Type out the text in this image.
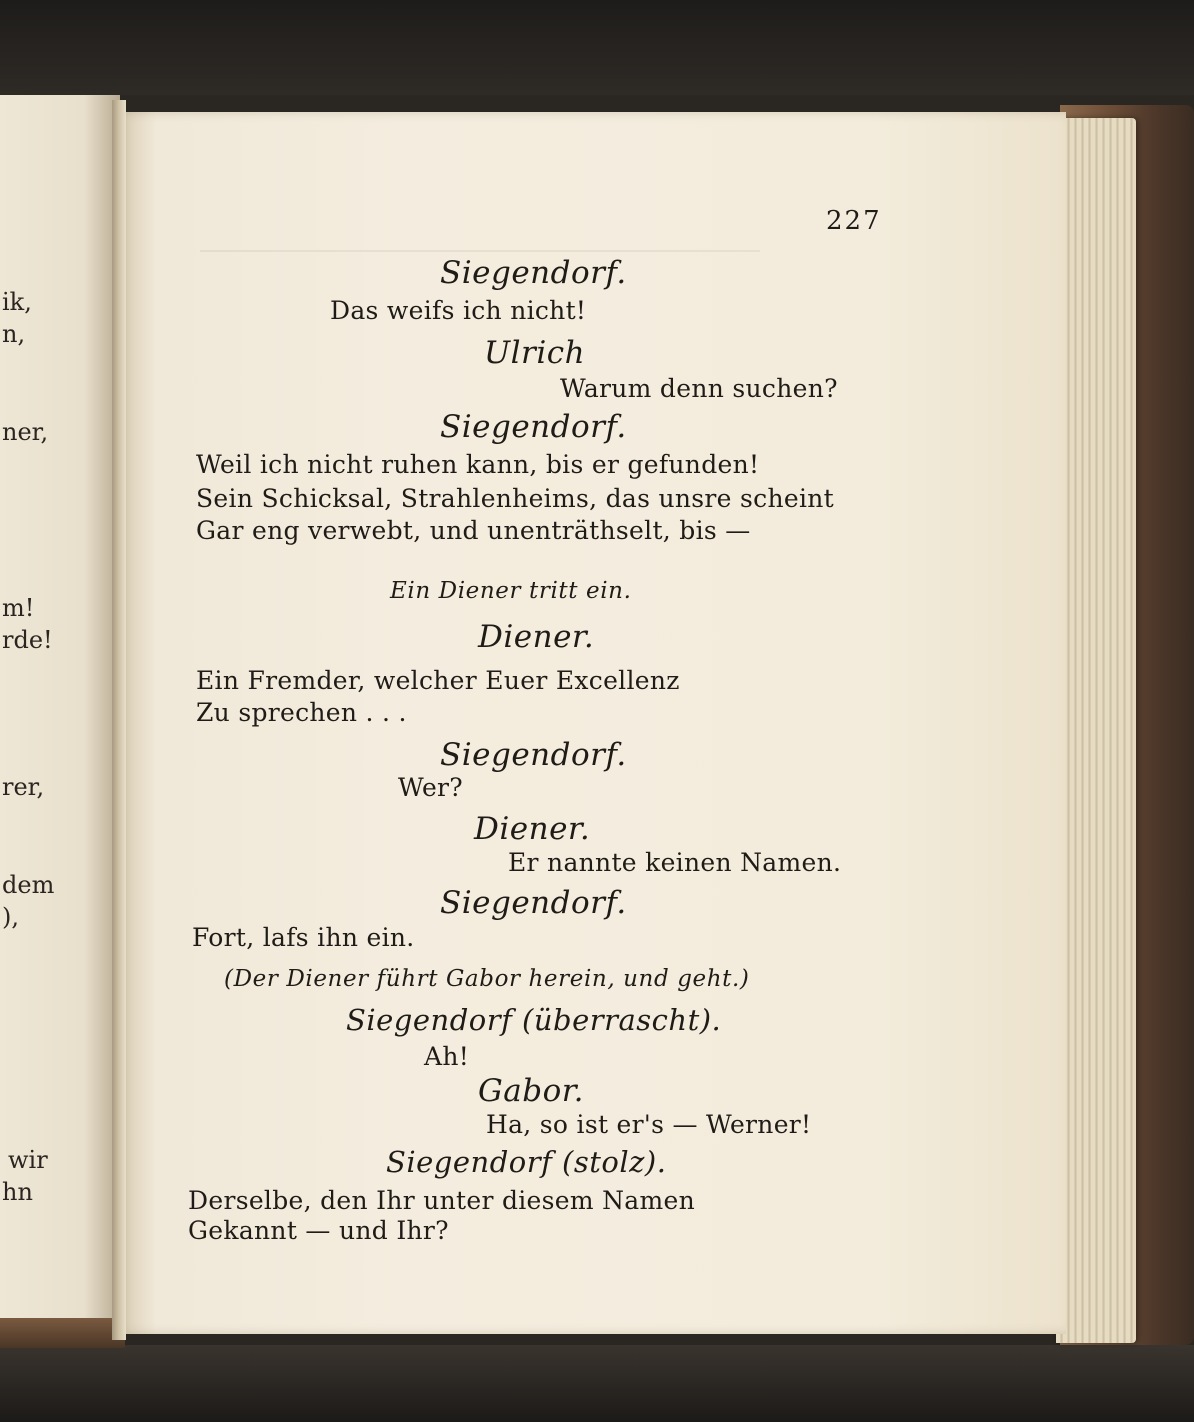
ik,
n,
ner,
m!
rde!
rer,
dem
),
wir
hn
227
Siegendorf.
Das weifs ich nicht!
Ulrich
Warum denn suchen?
Siegendorf.
Weil ich nicht ruhen kann, bis er gefunden!
Sein Schicksal, Strahlenheims, das unsre scheint
Gar eng verwebt, und unenträthselt, bis —
Ein Diener tritt ein.
Diener.
Ein Fremder, welcher Euer Excellenz
Zu sprechen . . .
Siegendorf.
Wer?
Diener.
Er nannte keinen Namen.
Siegendorf.
Fort, lafs ihn ein.
(Der Diener führt Gabor herein, und geht.)
Siegendorf (überrascht).
Ah!
Gabor.
Ha, so ist er's — Werner!
Siegendorf (stolz).
Derselbe, den Ihr unter diesem Namen
Gekannt — und Ihr?
